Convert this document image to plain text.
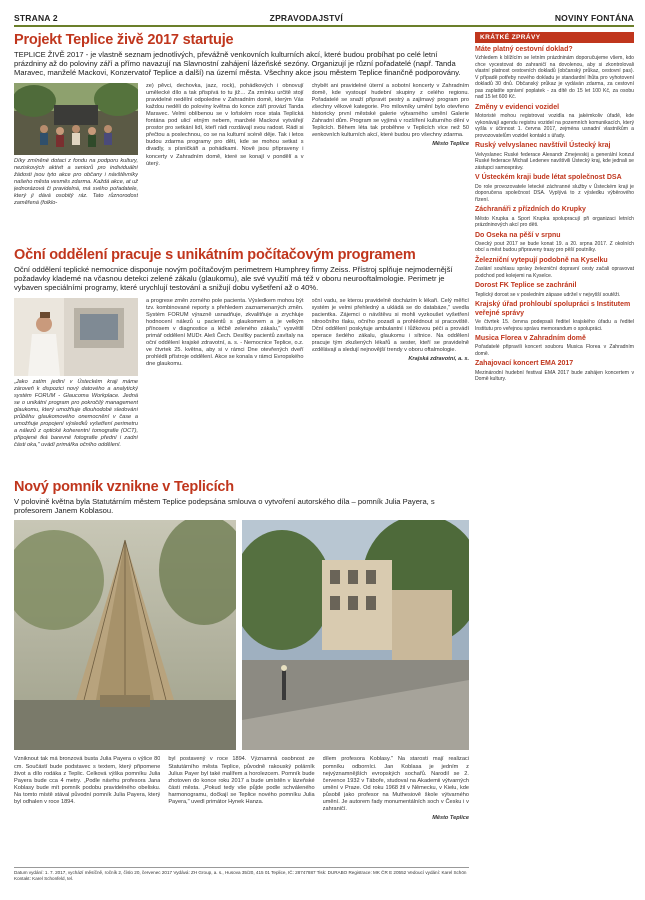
STRANA 2	ZPRAVODAJSTVÍ	NOVINY FONTÁNA
Projekt Teplice živě 2017 startuje

TEPLICE ŽIVĚ 2017 - je vlastně seznam jednotlivých, převážně venkovních kulturních akcí, které budou probíhat po celé letní prázdniny až do poloviny září a přímo navazují na Slavnostní zahájení lázeňské sezóny. Organizují je různí pořadatelé (např. Tanda Maravec, manželé Mackovi, Konzervatoř Teplice a další) na území města. Všechny akce jsou městem Teplice finančně podporovány.

Díky zmíněné dotaci z fondu na podporu kultury, neziskových aktivit a seniorů pro individuální žádosti jsou tyto akce pro občany i návštěvníky našeho města vesměs zdarma. Každá akce, at už jednorázová či pravidelná, má svého pořadatele, který ji dává osobitý ráz. Tato různorodost zaměřená (folklo-

ze) pěvci, dechovka, jazz, rock), pohádkových i obnovují umělecké dílo a tak přispívá to tu již… Za zmínku určitě stojí pravidelné nedělní odpoledne v Zahradním domě, kterým Vás každou neděli do poloviny května do konce září provází Tanda Maravec. Velmi oblíbenou se v loňském roce stala Teplická fontána pod ulicí etným nebem, manželé Mackovi vytvářejí prostor pro setkání lidí, kteří rádi rozdávají svou radost. Rádi si přečtou a poslechnou, co se na kulturní scéně děje. Tak i letos budou zdarma programy pro děti, kde se mohou setkat s divadly, s písničkáři a pohádkami. Nově jsou připraveny i koncerty v Zahradním domě, které se konají v pondělí a v úterý.
chybět ani pravidelné úterní a sobotní koncerty v Zahradním domě, kde vystoupí hudební skupiny z celého regionu. Pořadatelé se snaží připravit pestrý a zajímavý program pro všechny věkové kategorie. Pro milovníky umění bylo otevřeno historicky první městské galerie výtvarného umění Galerie Zahradní dům. Program se vyjímá v rozšíření kulturního dění v Teplicích. Během léta tak proběhne v Teplicích více než 50 venkovních kulturních akcí, které budou pro všechny zdarma.
Město Teplice
Oční oddělení pracuje s unikátním počítačovým programem

Oční oddělení teplické nemocnice disponuje novým počítačovým perimetrem Humphrey firmy Zeiss. Přístroj splňuje nejmodernější požadavky klademé na včasnou detekci zelené zákalu (glaukomu), ale své využití má též v oboru neurooftalmologie. Perimetr je vybaven speciálními programy, které urychlují testování a snižují dobu vyšetření až o 40%.

„Jako zatím jediní v Ústeckém kraji máme zároveň k dispozici nový datového a analytický systém FORUM - Glaucoma Workplace. Jedná se o unikátní program pro pokročilý management glaukomu, který umožňuje dlouhodobé sledování průběhu glaukomového onemocnění v čase a umožňuje propojení výsledků vyšetření perimetru a nálezů z optické koherentní tomografie (OCT), připojené tká barevné fotografie přední i zadní části oka," uvádí primářka očního oddělení.

a progrese změn zorného pole pacienta. Výsledkem mohou být tzv. kombinované reporty s přehledem zaznamenaných změn. Systém FORUM výrazně usnadňuje, zkvalitňuje a zrychluje hodnocení nálezů u pacientů s glaukomem a je velkým přínosem v diagnostice a léčbě zeleného zákalu," vysvětlil primář oddělení MUDr. Aleš Čech. Desítky pacientů zavítaly na oční oddělení krajské zdravotní, a. s. - Nemocnice Teplice, o.z. ve čtvrtek 25. května, aby si v rámci Dne otevřených dveří prohlédli přístroje oddělení. Akce se konala v rámci Evropského dne glaukomu.
oční vadu, se kterou pravidelně docházím k lékaři. Celý měřicí systém je velmi přehledný a ukládá se do databáze," uvedla pacientka. Zájemci o návštěvu si mohli vyzkoušet vyšetření nitroočního tlaku, očního pozadí a prohlédnout si pracoviště. Oční oddělení poskytuje ambulantní i lůžkovou péči a provádí operace šedého zákalu, glaukomu i sítnice. Na oddělení pracuje tým zkušených lékařů a sester, kteří se pravidelně vzdělávají a sledují nejnovější trendy v oboru oftalmologie.
Krajská zdravotní, a. s.
Nový pomník vznikne v Teplicích

V polovině května byla Statutárním městem Teplice podepsána smlouva o vytvoření autorského díla – pomník Julia Payera, s profesorem Janem Koblasou.

Vzniknout tak má bronzová busta Julia Payera o výšce 80 cm. Součástí bude podstavec s textem, který připomene život a dílo rodáka z Teplic. Celková výška pomníku Julia Payera bude cca 4 metry. „Podle návrhu profesora Jana Koblasy bude mít pomník podobu pravidelného obelisku. Na tomto místě stával původní pomník Julia Payera, který byl odhalen v roce 1894.
byl postavený v roce 1894. Významná osobnost ze Statutárního města Teplice, původně rakouský polárník Julius Payer byl také malířem a horolezcem. Pomník bude zhotoven do konce roku 2017 a bude umístěn v lázeňské části města. „Pokud tedy vše půjde podle schváleného harmonogramu, dočkají se Teplice nového pomníku Julia Payera," uvedl primátor Hynek Hanza.
dílem profesora Koblasy." Na starosti mají realizaci pomníku odborníci. Jan Koblasa je jedním z nejvýznamnějších evropských sochařů. Narodil se 2. července 1932 v Táboře, studoval na Akademii výtvarných umění v Praze. Od roku 1968 žil v Německu, v Kielu, kde působil jako profesor na Muthesiově škole výtvarného umění. Je autorem řady monumentálních soch v Česku i v zahraničí.
Město Teplice
Datum vydání: 1. 7. 2017, vychází měsíčně, ročník 2, číslo 20, červenec 2017 Vydává: ZH Group, a. s., Husova 35/20, 415 01 Teplice, IČ: 28747887 Tisk: DURABO Registrace: MK ČR E 20552 Vedoucí vydání: Karel Schön Kontakt: Karel Schonfeld, tel.
KRÁTKÉ ZPRÁVY
Máte platný cestovní doklad?

Vzhledem k blížícím se letním prázdninám doporučujeme všem, kdo chce vycestovat do zahraničí na dovolenou, aby si zkontrolovali vlastní platnost cestovních dokladů (občanský průkaz, cestovní pas). V případě potřeby nového dokladu je standardní lhůta pro vyhotovení dokladů 30 dnů. Občanský průkaz je vydáván zdarma, za cestovní pas zaplatíte správní poplatek - za dítě do 15 let 100 Kč, za osobu nad 15 let 600 Kč.

Změny v evidenci vozidel

Motoristé mohou registrovat vozidla na jakémkoliv úřadě, kde vykonávají agendu registru vozidel na pozemních komunikacích, který vyšla v účinnost 1. června 2017, zejména usnadní vlastníkům a provozovatelům vozidel kontakt s úřady.

Ruský velvyslanec navštívil Ústecký kraj

Velvyslanec Ruské federace Alexandr Zmejevskij a generální konzul Ruské federace Michail Ledenev navštívili Ústecký kraj, kde jednali se zástupci samosprávy.

V Ústeckém kraji bude létat společnost DSA

Do role provozovatele letecké záchranné služby v Ústeckém kraji je doporučena společnost DSA. Vyplývá to z výsledku výběrového řízení.

Záchranáři z přízdních do Krupky

Město Krupka a Sport Krupka spolupracují při organizaci letních prázdninových akcí pro děti.

Do Oseka na pěší v srpnu

Osecký pout 2017 se bude konat 19. a 20. srpna 2017. Z okolních obcí a měst budou připraveny trasy pro pěší poutníky.

Železniční vytepují podobně na Kyselku

Zaslání souhlasu správy železniční dopravní cesty začali opravovat podchod pod kolejemi na Kyselce.

Dorost FK Teplice se zachránil

Teplický dorost se v posledním zápase udržel v nejvyšší soutěži.

Krajský úřad prohloubí spolupráci s Institutem veřejné správy

Ve čtvrtek 15. června podepsali ředitel krajského úřadu a ředitel Institutu pro veřejnou správu memorandum o spolupráci.

Musica Florea v Zahradním domě

Pořadatelé připravili koncert souboru Musica Florea v Zahradním domě.

Zahajovací koncert EMA 2017

Mezinárodní hudební festival EMA 2017 bude zahájen koncertem v Domě kultury.
